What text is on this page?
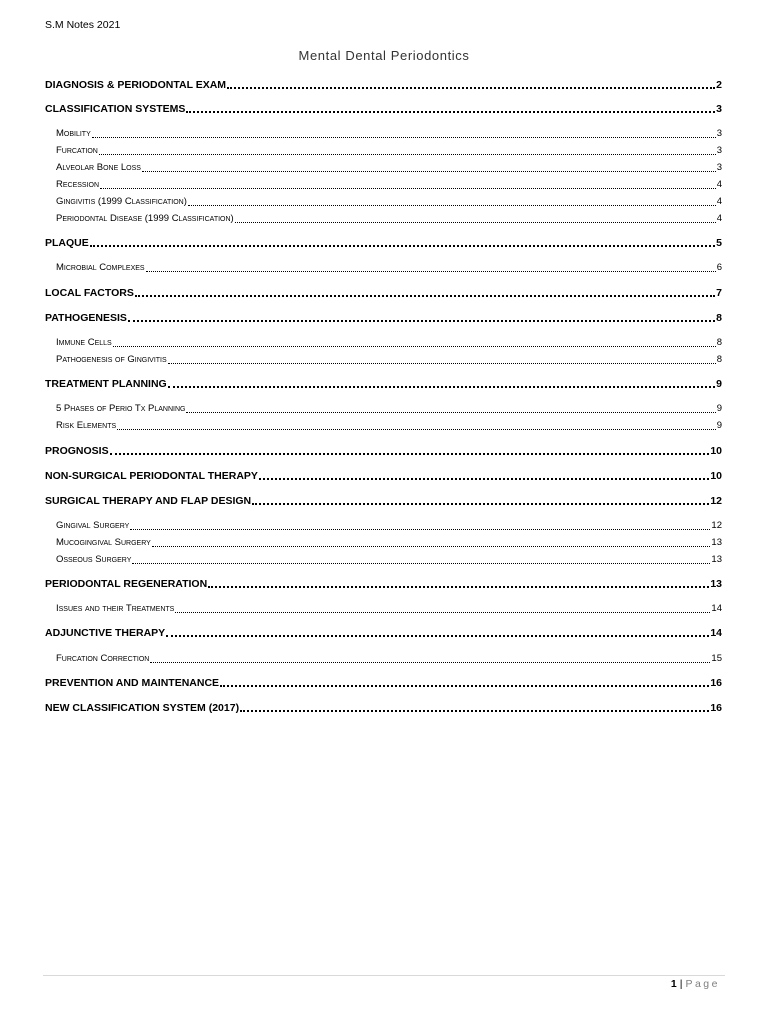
S.M Notes 2021
Mental Dental Periodontics
DIAGNOSIS & PERIODONTAL EXAM	2
CLASSIFICATION SYSTEMS	3
Mobility	3
Furcation	3
Alveolar Bone Loss	3
Recession	4
Gingivitis (1999 Classification)	4
Periodontal Disease (1999 Classification)	4
PLAQUE	5
Microbial Complexes	6
LOCAL FACTORS	7
PATHOGENESIS	8
Immune Cells	8
Pathogenesis of Gingivitis	8
TREATMENT PLANNING	9
5 Phases of Perio Tx Planning	9
Risk Elements	9
PROGNOSIS	10
NON-SURGICAL PERIODONTAL THERAPY	10
SURGICAL THERAPY AND FLAP DESIGN	12
Gingival Surgery	12
Mucogingival Surgery	13
Osseous Surgery	13
PERIODONTAL REGENERATION	13
Issues and their Treatments	14
ADJUNCTIVE THERAPY	14
Furcation Correction	15
PREVENTION AND MAINTENANCE	16
NEW CLASSIFICATION SYSTEM (2017)	16
1 | Page
